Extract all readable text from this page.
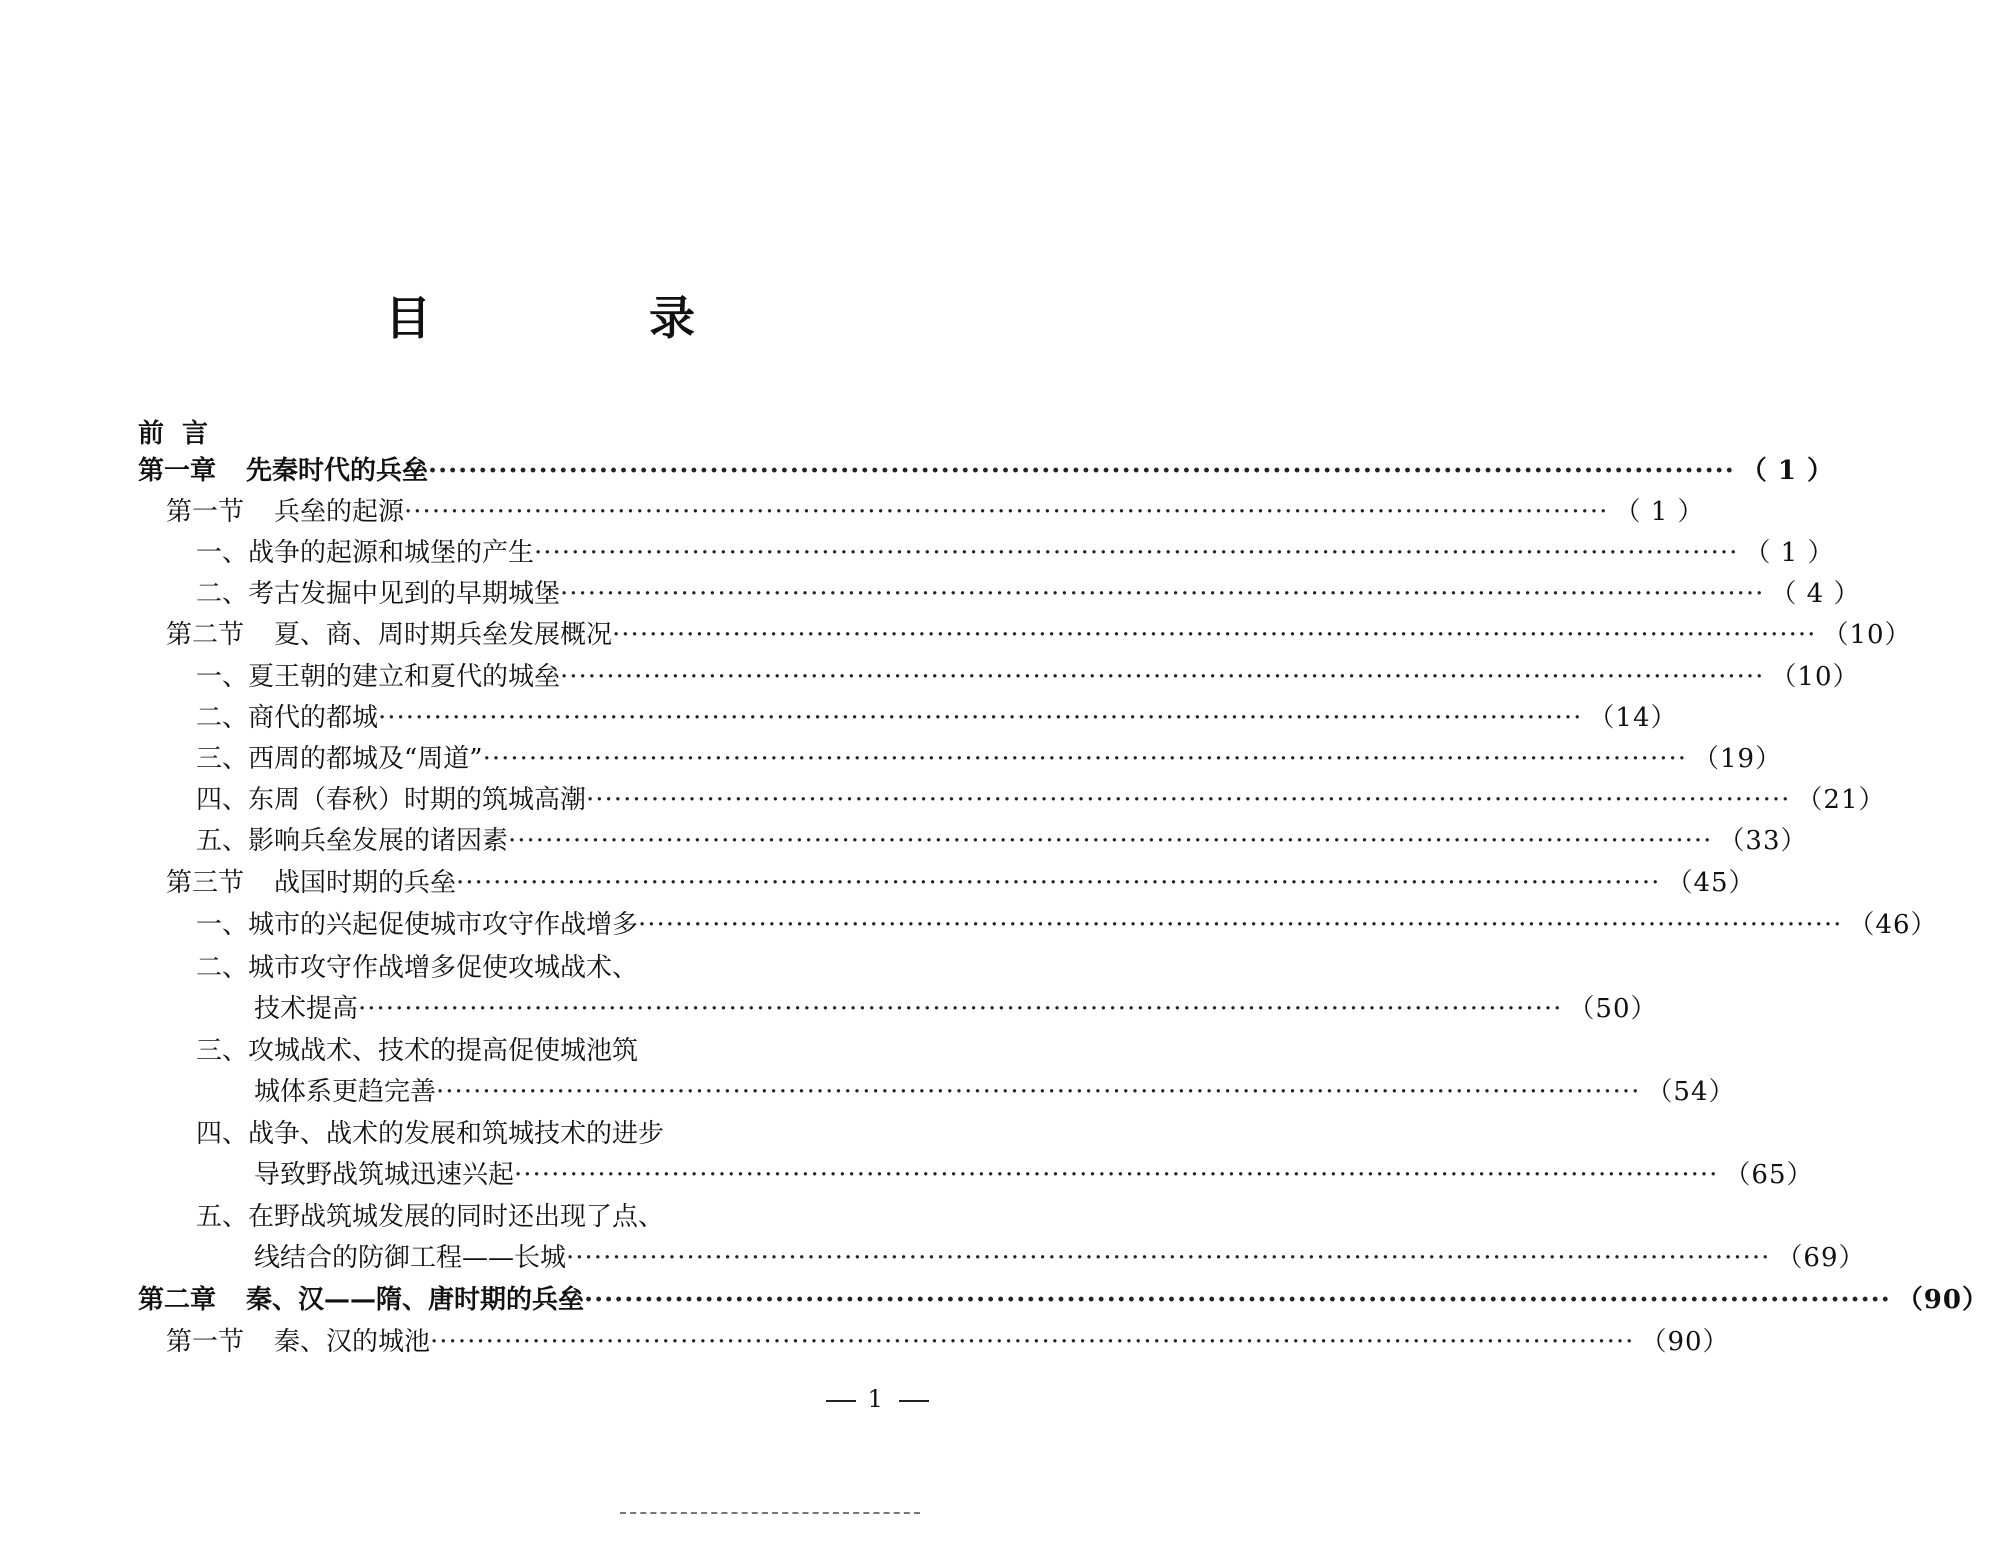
目　录
前言
第一章 先秦时代的兵垒 ·····	（ 1 ）
第一节 兵垒的起源 ·····	（ 1 ）
一、战争的起源和城堡的产生 ·····	（ 1 ）
二、考古发掘中见到的早期城堡 ·····	（ 4 ）
第二节 夏、商、周时期兵垒发展概况 ·····	（10）
一、夏王朝的建立和夏代的城垒 ·····	（10）
二、商代的都城 ·····	（14）
三、西周的都城及“周道” ·····	（19）
四、东周（春秋）时期的筑城高潮 ·····	（21）
五、影响兵垒发展的诸因素 ·····	（33）
第三节 战国时期的兵垒 ·····	（45）
一、城市的兴起促使城市攻守作战增多 ·····	（46）
二、城市攻守作战增多促使攻城战术、
技术提高 ·····	（50）
三、攻城战术、技术的提高促使城池筑
城体系更趋完善 ·····	（54）
四、战争、战术的发展和筑城技术的进步
导致野战筑城迅速兴起 ·····	（65）
五、在野战筑城发展的同时还出现了点、
线结合的防御工程——长城 ·····	（69）
第二章 秦、汉——隋、唐时期的兵垒 ·····	（90）
第一节 秦、汉的城池 ·····	（90）
1
